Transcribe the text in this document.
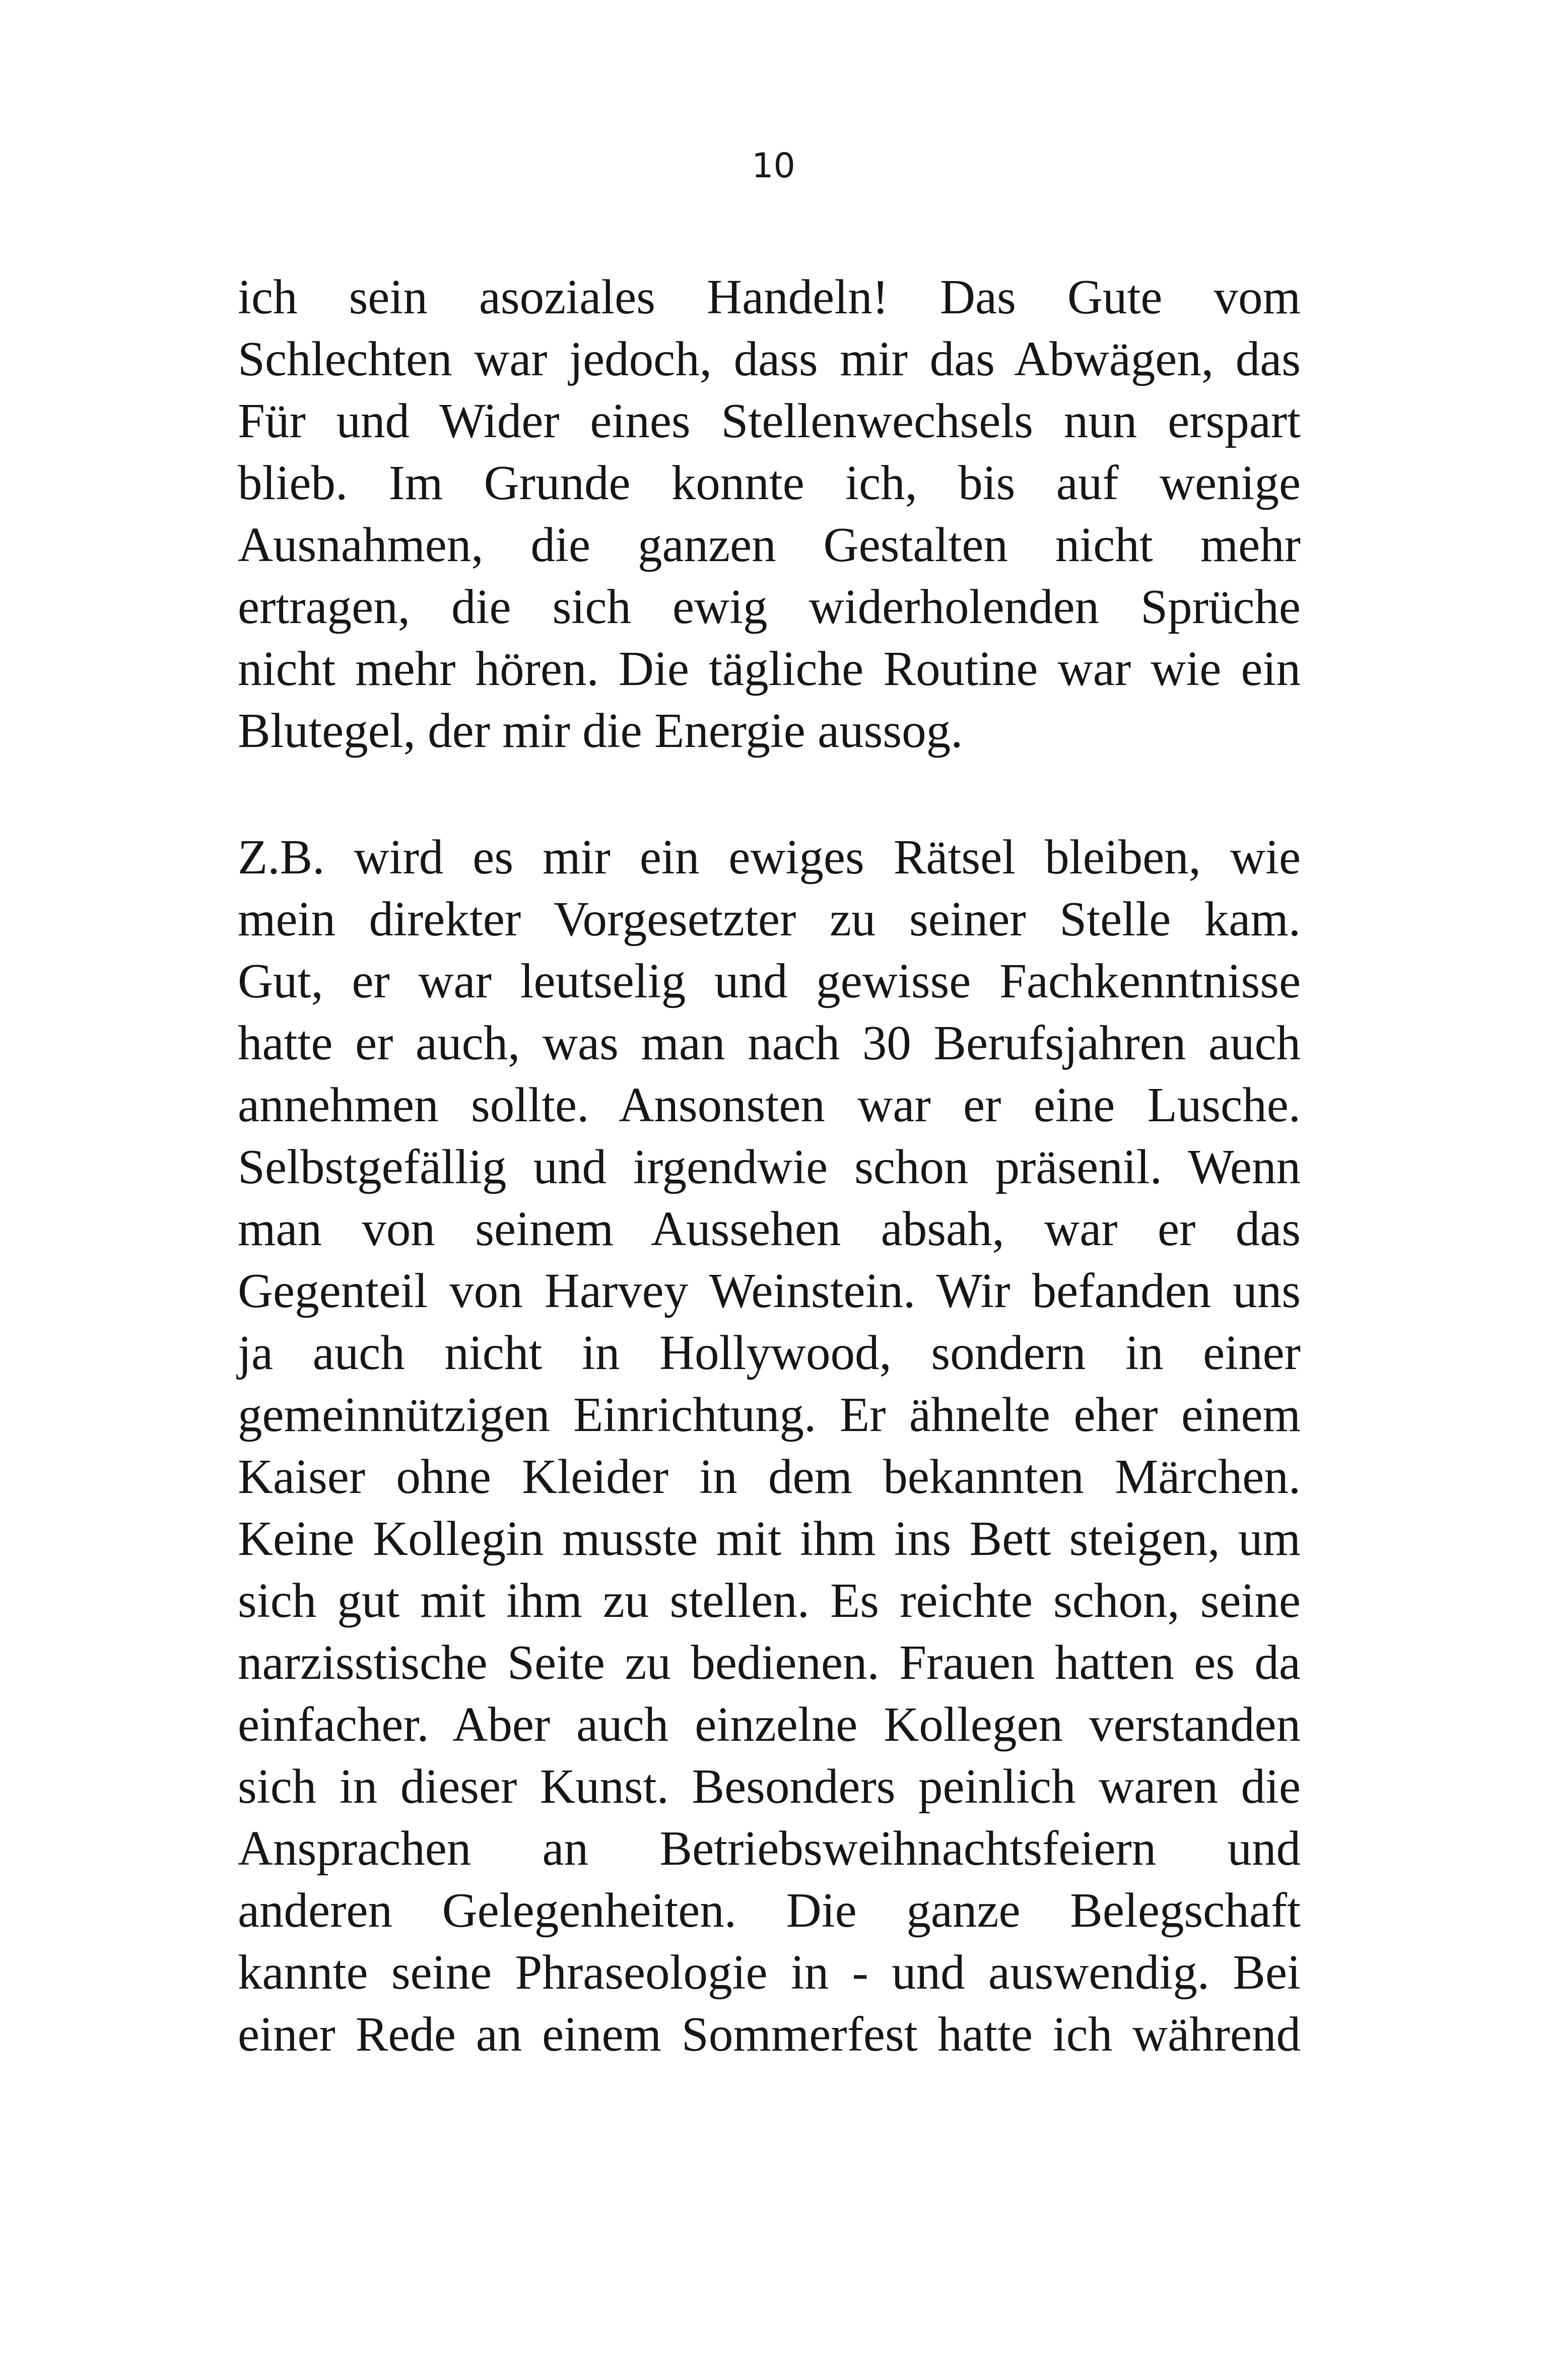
10
ich sein asoziales Handeln! Das Gute vom
Schlechten war jedoch, dass mir das Abwägen, das
Für und Wider eines Stellenwechsels nun erspart
blieb. Im Grunde konnte ich, bis auf wenige
Ausnahmen, die ganzen Gestalten nicht mehr
ertragen, die sich ewig widerholenden Sprüche
nicht mehr hören. Die tägliche Routine war wie ein
Blutegel, der mir die Energie aussog.
Z.B. wird es mir ein ewiges Rätsel bleiben, wie
mein direkter Vorgesetzter zu seiner Stelle kam.
Gut, er war leutselig und gewisse Fachkenntnisse
hatte er auch, was man nach 30 Berufsjahren auch
annehmen sollte. Ansonsten war er eine Lusche.
Selbstgefällig und irgendwie schon präsenil. Wenn
man von seinem Aussehen absah, war er das
Gegenteil von Harvey Weinstein. Wir befanden uns
ja auch nicht in Hollywood, sondern in einer
gemeinnützigen Einrichtung. Er ähnelte eher einem
Kaiser ohne Kleider in dem bekannten Märchen.
Keine Kollegin musste mit ihm ins Bett steigen, um
sich gut mit ihm zu stellen. Es reichte schon, seine
narzisstische Seite zu bedienen. Frauen hatten es da
einfacher. Aber auch einzelne Kollegen verstanden
sich in dieser Kunst. Besonders peinlich waren die
Ansprachen an Betriebsweihnachtsfeiern und
anderen Gelegenheiten. Die ganze Belegschaft
kannte seine Phraseologie in - und auswendig. Bei
einer Rede an einem Sommerfest hatte ich während
